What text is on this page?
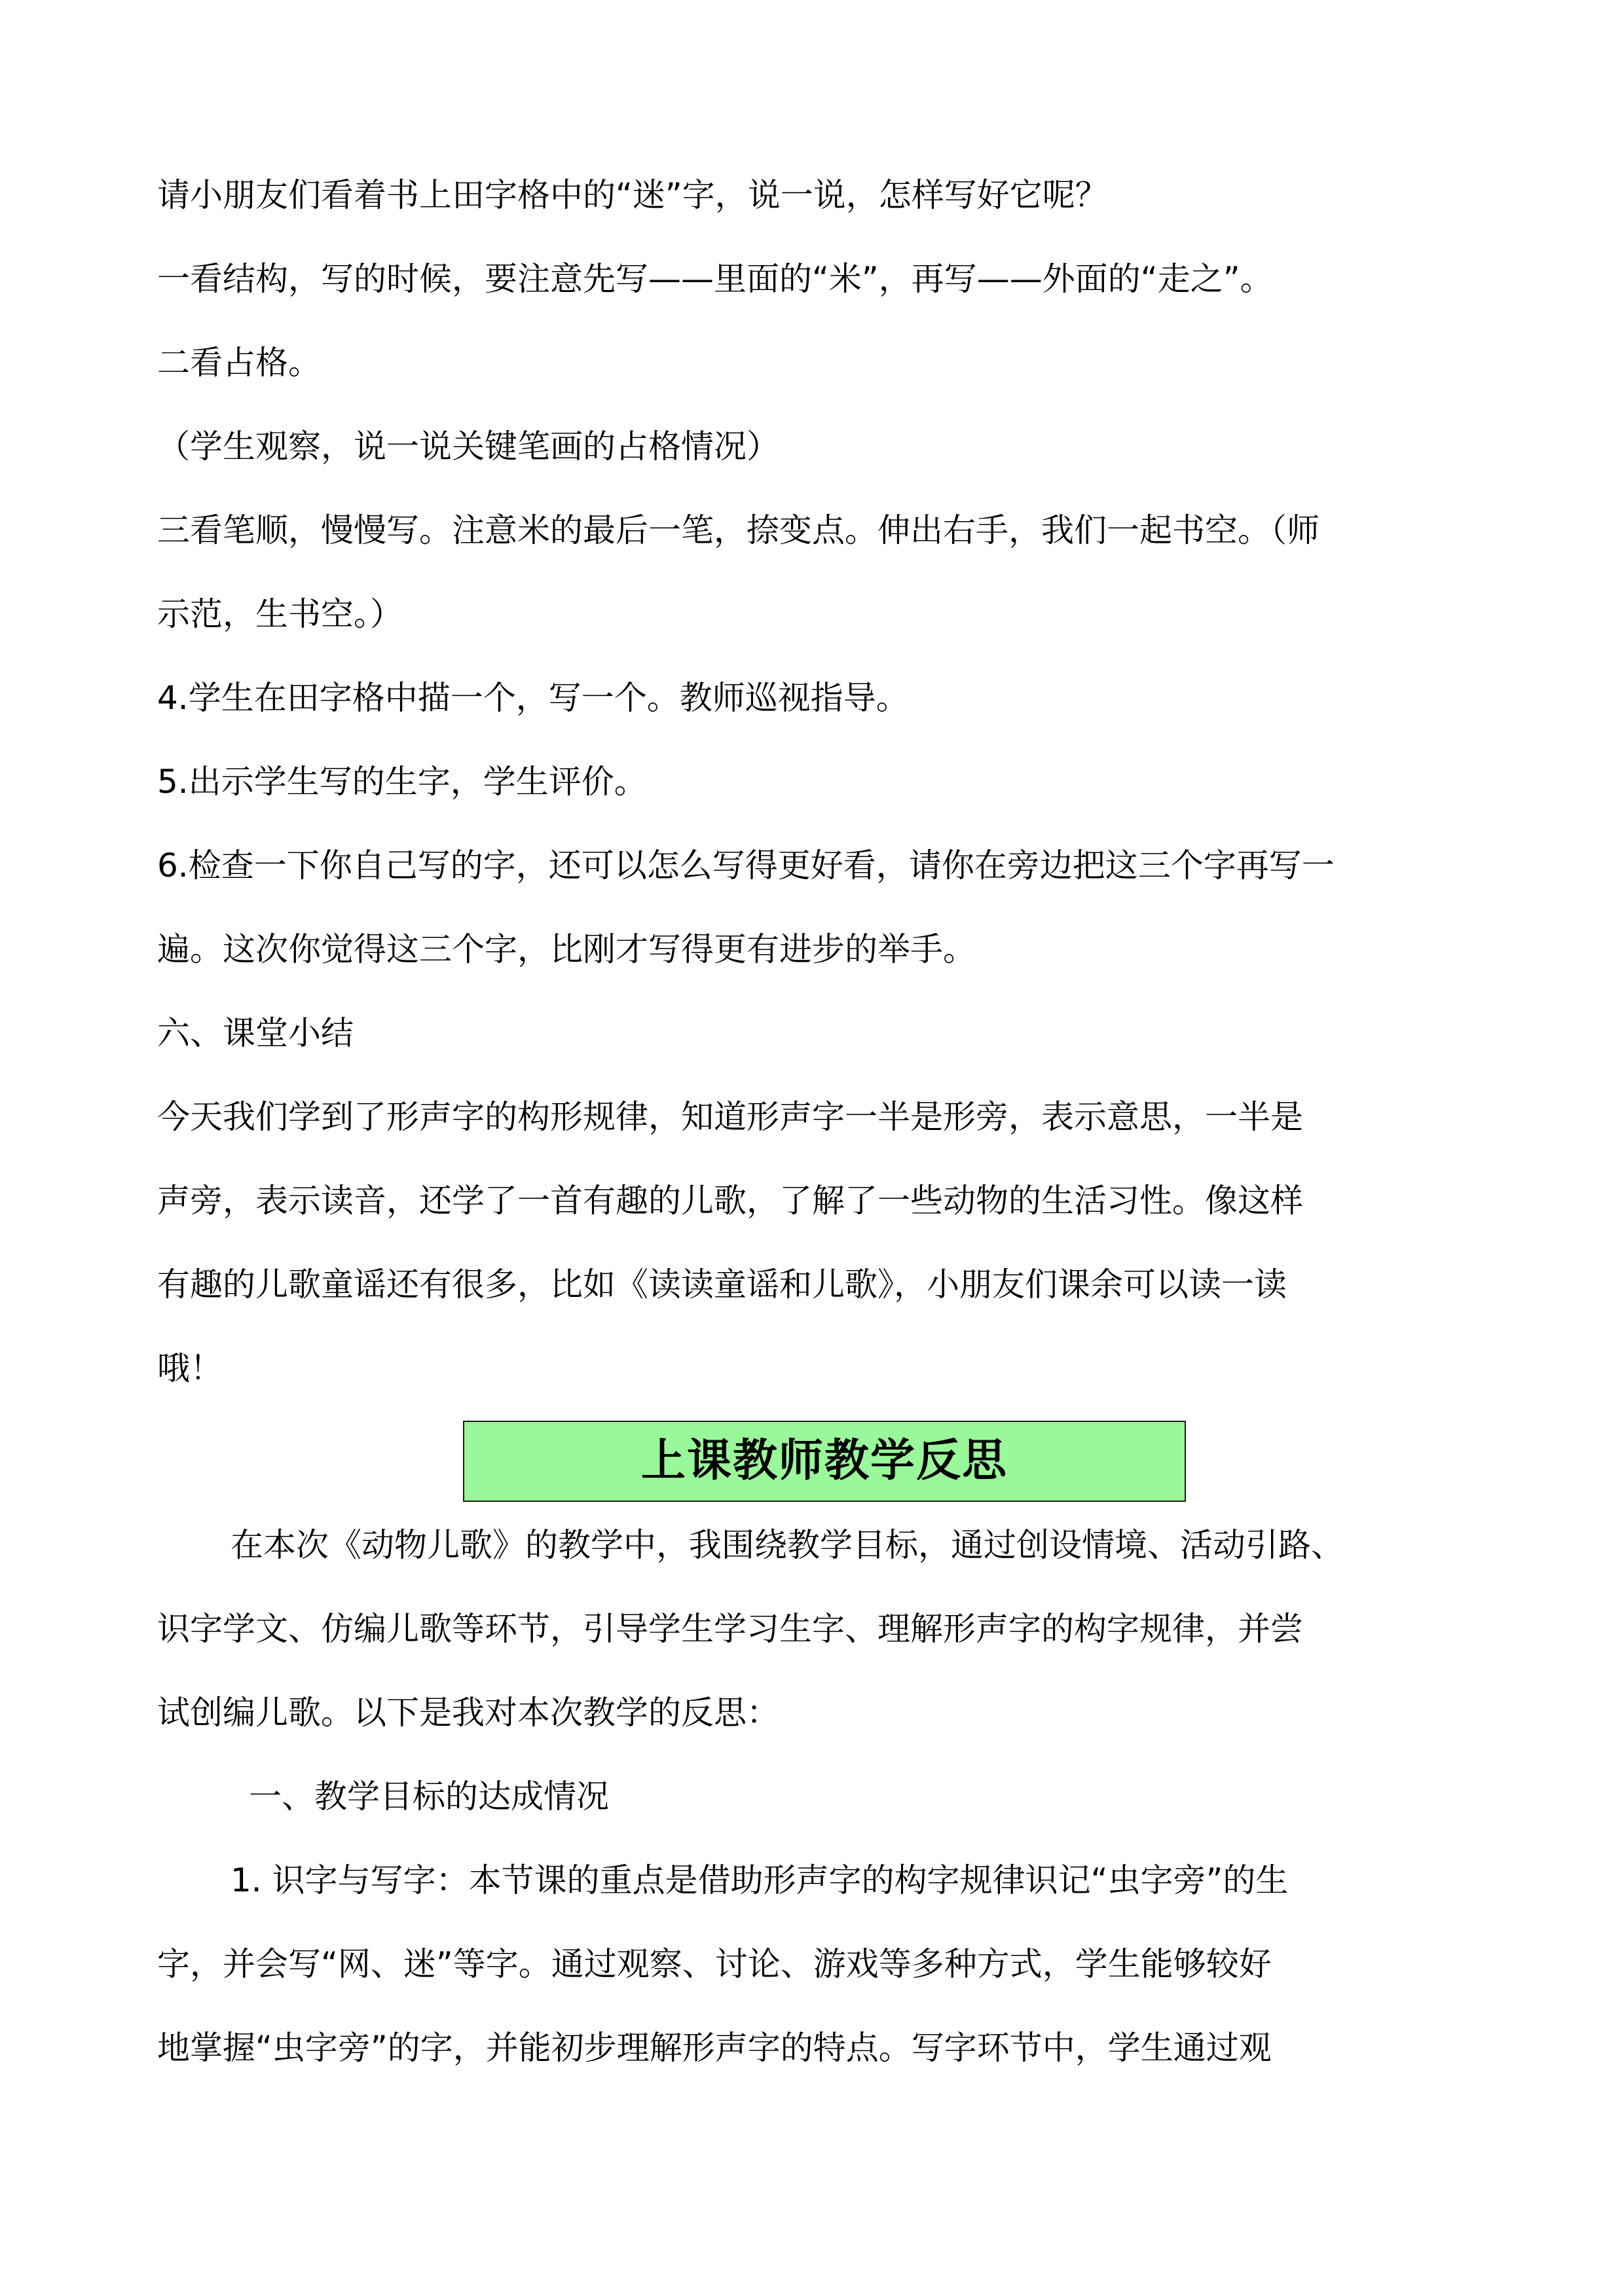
请小朋友们看着书上田字格中的“迷”字，说一说，怎样写好它呢？
一看结构，写的时候，要注意先写——里面的“米”，再写——外面的“走之”。
二看占格。
（学生观察，说一说关键笔画的占格情况）
三看笔顺，慢慢写。注意米的最后一笔，捺变点。伸出右手，我们一起书空。（师
示范，生书空。）
4.学生在田字格中描一个，写一个。教师巡视指导。
5.出示学生写的生字，学生评价。
6.检查一下你自己写的字，还可以怎么写得更好看，请你在旁边把这三个字再写一
遍。这次你觉得这三个字，比刚才写得更有进步的举手。
六、课堂小结
今天我们学到了形声字的构形规律，知道形声字一半是形旁，表示意思，一半是
声旁，表示读音，还学了一首有趣的儿歌，了解了一些动物的生活习性。像这样
有趣的儿歌童谣还有很多，比如《读读童谣和儿歌》，小朋友们课余可以读一读
哦！
上课教师教学反思
在本次《动物儿歌》的教学中，我围绕教学目标，通过创设情境、活动引路、
识字学文、仿编儿歌等环节，引导学生学习生字、理解形声字的构字规律，并尝
试创编儿歌。以下是我对本次教学的反思：
一、教学目标的达成情况
1. 识字与写字：本节课的重点是借助形声字的构字规律识记“虫字旁”的生
字，并会写“网、迷”等字。通过观察、讨论、游戏等多种方式，学生能够较好
地掌握“虫字旁”的字，并能初步理解形声字的特点。写字环节中，学生通过观
